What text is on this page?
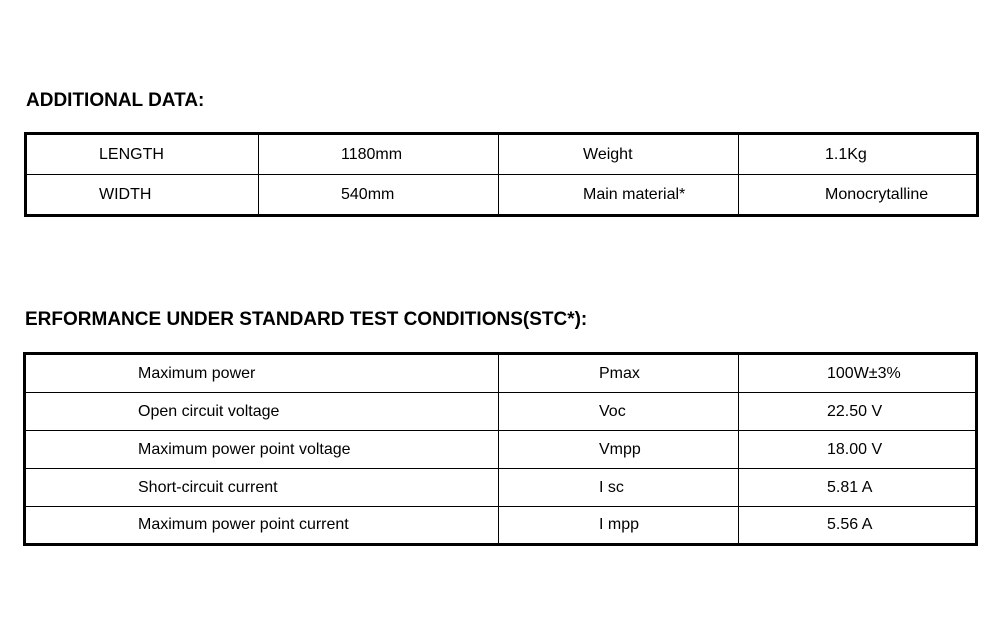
ADDITIONAL DATA:
LENGTH	1180mm	Weight	1.1Kg
WIDTH	540mm	Main material*	Monocrytalline
ERFORMANCE UNDER STANDARD TEST CONDITIONS(STC*):
Maximum power	Pmax	100W±3%
Open circuit voltage	Voc	22.50 V
Maximum power point voltage	Vmpp	18.00 V
Short-circuit current	I sc	5.81 A
Maximum power point current	I mpp	5.56 A
